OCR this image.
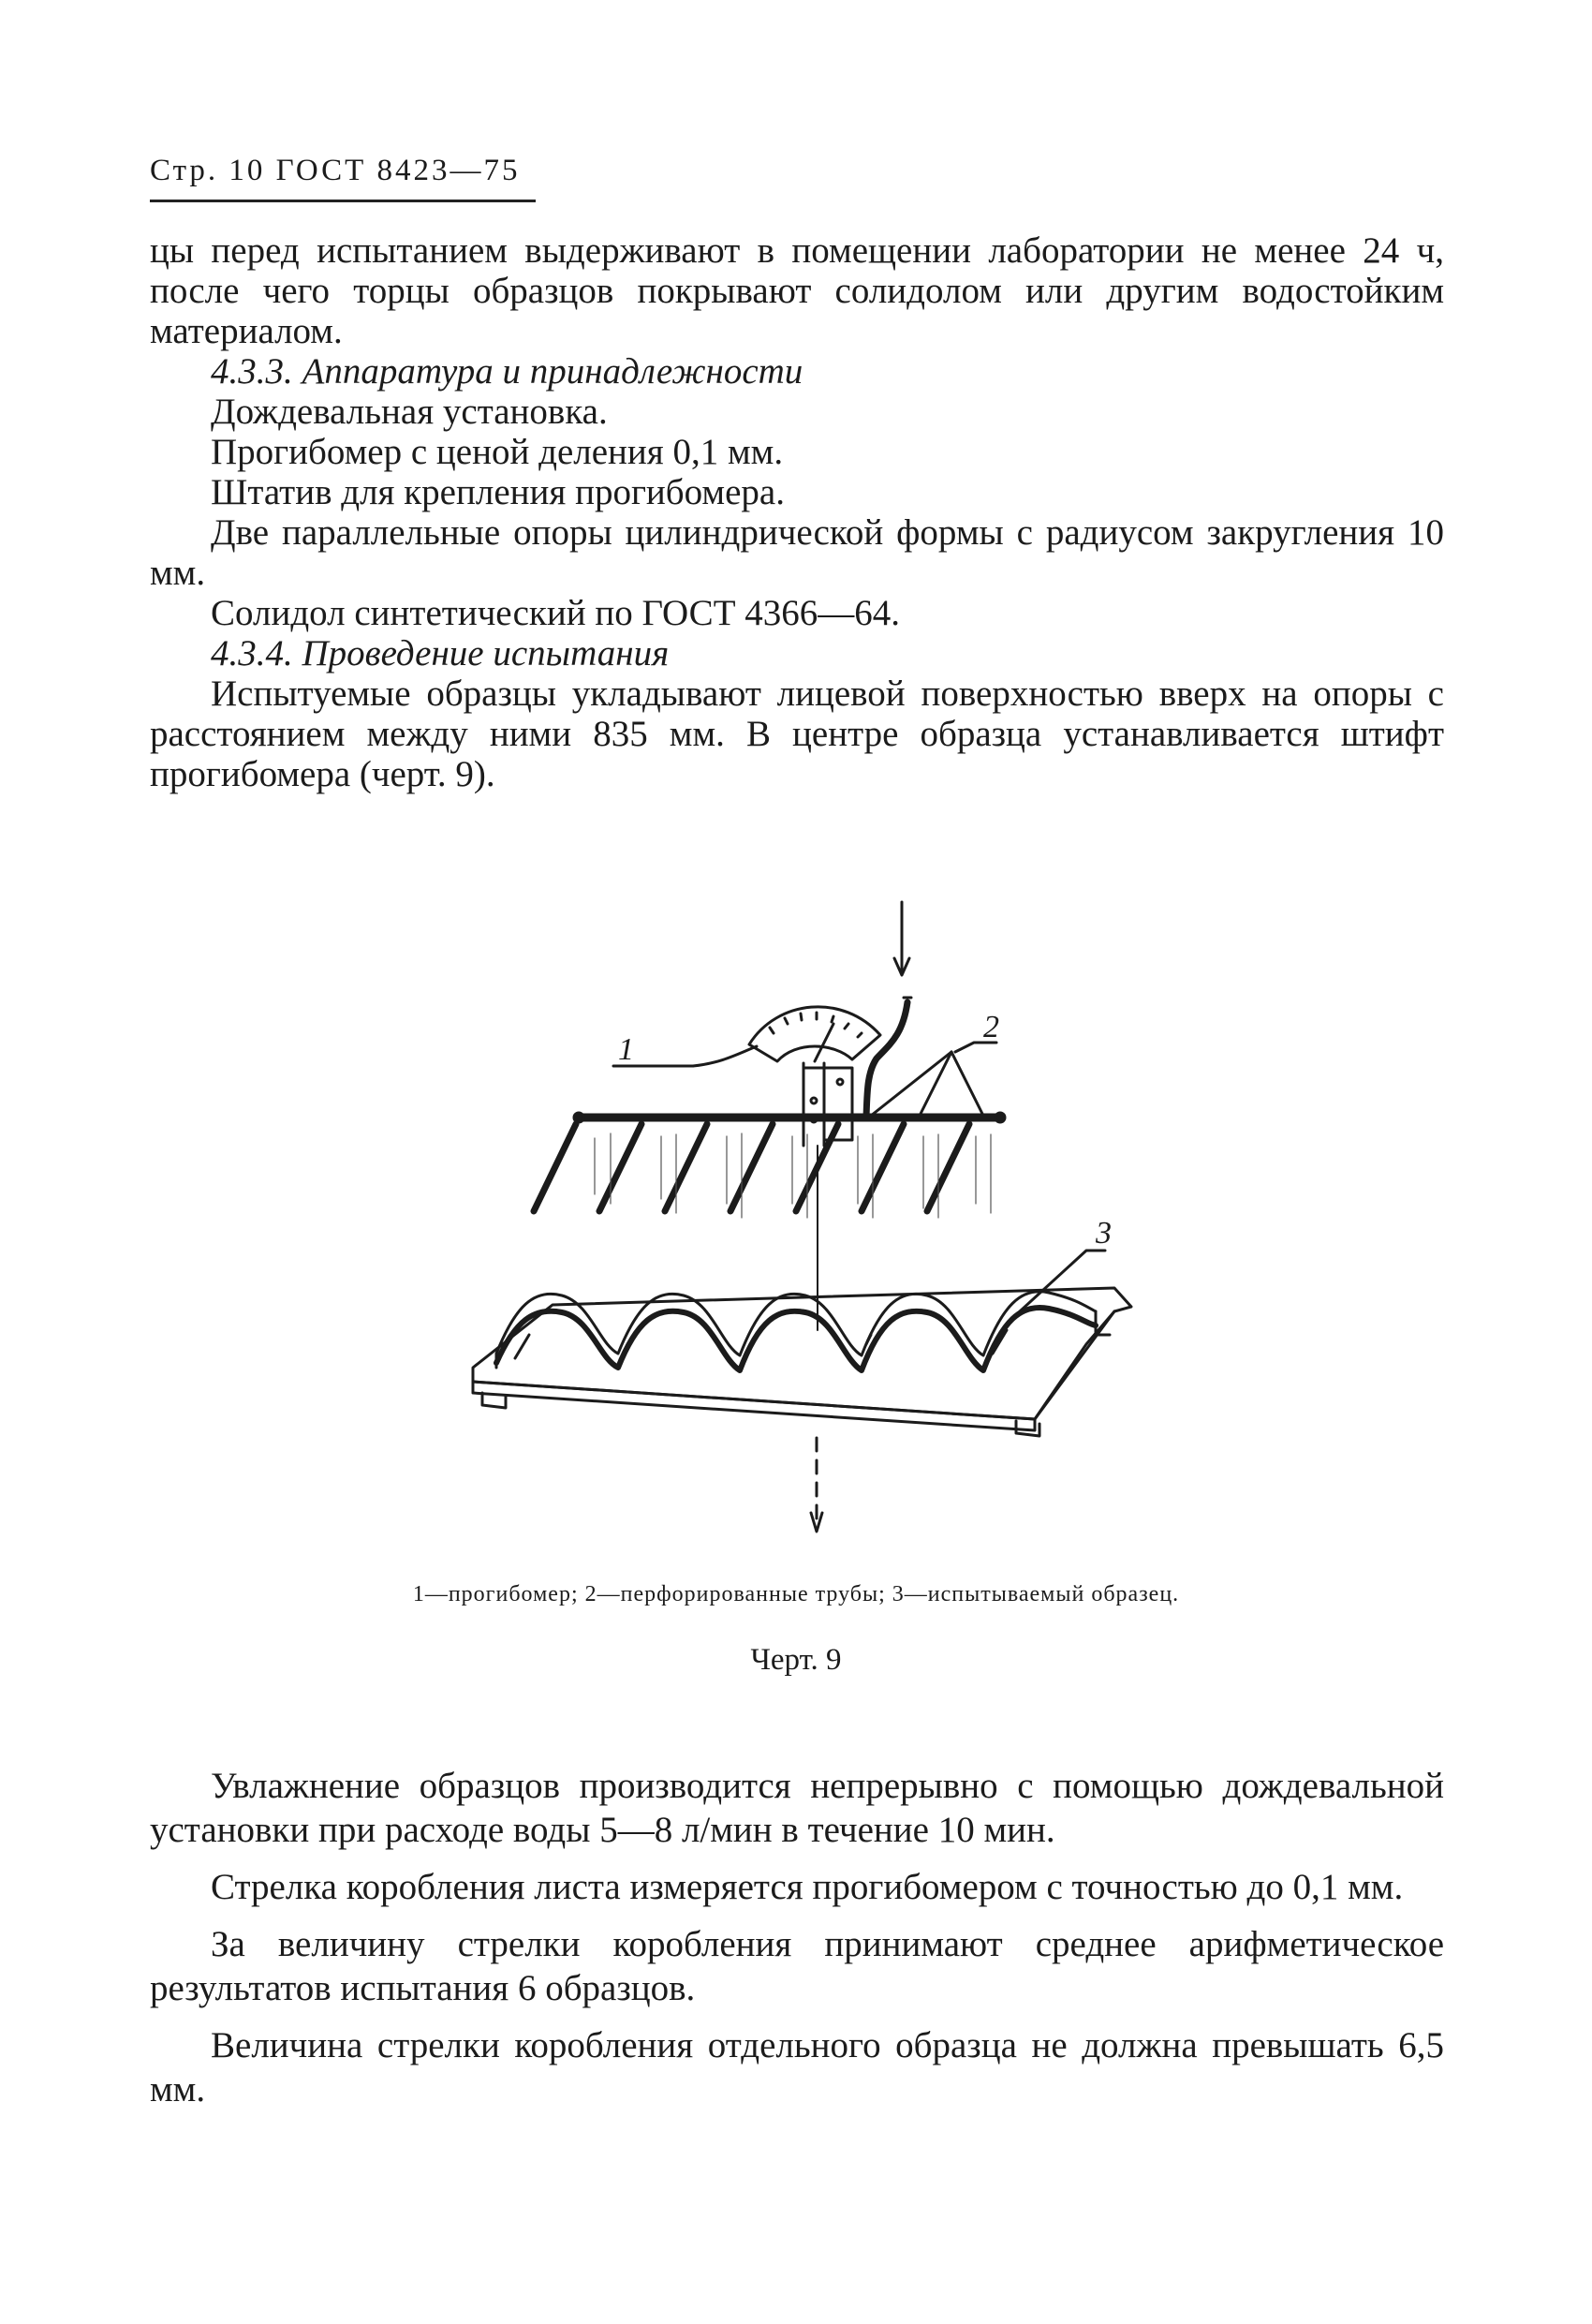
Стр. 10 ГОСТ 8423—75

цы перед испытанием выдерживают в помещении лаборатории не менее 24 ч, после чего торцы образцов покрывают солидолом или другим водостойким материалом.

4.3.3. Аппаратура и принадлежности

Дождевальная установка.

Прогибомер с ценой деления 0,1 мм.

Штатив для крепления прогибомера.

Две параллельные опоры цилиндрической формы с радиусом закругления 10 мм.

Солидол синтетический по ГОСТ 4366—64.

4.3.4. Проведение испытания

Испытуемые образцы укладывают лицевой поверхностью вверх на опоры с расстоянием между ними 835 мм. В центре образца устанавливается штифт прогибомера (черт. 9).

1
2
3
1—прогибомер; 2—перфорированные трубы; 3—испытываемый образец.
Черт. 9

Увлажнение образцов производится непрерывно с помощью дождевальной установки при расходе воды 5—8 л/мин в течение 10 мин.

Стрелка коробления листа измеряется прогибомером с точностью до 0,1 мм.

За величину стрелки коробления принимают среднее арифметическое результатов испытания 6 образцов.

Величина стрелки коробления отдельного образца не должна превышать 6,5 мм.
